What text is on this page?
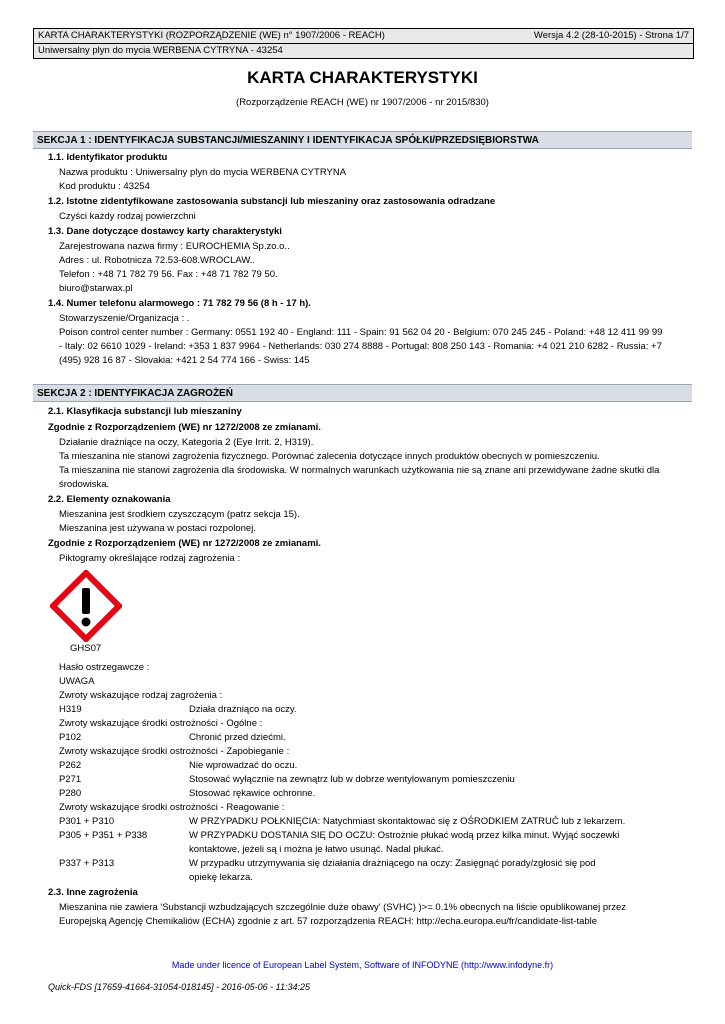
KARTA CHARAKTERYSTYKI (ROZPORZĄDZENIE (WE) n° 1907/2006 - REACH)	Wersja 4.2 (28-10-2015) - Strona 1/7
Uniwersalny plyn do mycia WERBENA CYTRYNA - 43254
KARTA CHARAKTERYSTYKI
(Rozporządzenie REACH (WE) nr 1907/2006 - nr 2015/830)
SEKCJA 1 : IDENTYFIKACJA SUBSTANCJI/MIESZANINY I IDENTYFIKACJA SPÓŁKI/PRZEDSIĘBIORSTWA
1.1. Identyfikator produktu
Nazwa produktu : Uniwersalny plyn do mycia WERBENA CYTRYNA
Kod produktu : 43254
1.2. Istotne zidentyfikowane zastosowania substancji lub mieszaniny oraz zastosowania odradzane
Czyści każdy rodzaj powierzchni
1.3. Dane dotyczące dostawcy karty charakterystyki
Zarejestrowana nazwa firmy : EUROCHEMIA Sp.zo.o..
Adres : ul. Robotnicza 72.53-608.WROCLAW..
Telefon : +48 71 782 79 56. Fax : +48 71 782 79 50.
biuro@starwax.pl
1.4. Numer telefonu alarmowego : 71 782 79 56 (8 h - 17 h).
Stowarzyszenie/Organizacja : .
Poison control center number : Germany: 0551 192 40 - England: 111 - Spain: 91 562 04 20 - Belgium: 070 245 245 - Poland: +48 12 411 99 99
- Italy: 02 6610 1029 - Ireland: +353 1 837 9964 - Netherlands: 030 274 8888 - Portugal: 808 250 143 - Romania: +4 021 210 6282 - Russia: +7
(495) 928 16 87 - Slovakia: +421 2 54 774 166 - Swiss: 145
SEKCJA 2 : IDENTYFIKACJA ZAGROŻEŃ
2.1. Klasyfikacja substancji lub mieszaniny
Zgodnie z Rozporządzeniem (WE) nr 1272/2008 ze zmianami.
Działanie drażniące na oczy, Kategoria 2 (Eye Irrit. 2, H319).
Ta mieszanina nie stanowi zagrożenia fizycznego. Porównać zalecenia dotyczące innych produktów obecnych w pomieszczeniu.
Ta mieszanina nie stanowi zagrożenia dla środowiska. W normalnych warunkach użytkowania nie są znane ani przewidywane żadne skutki dla
środowiska.
2.2. Elementy oznakowania
Mieszanina jest środkiem czyszczącym (patrz sekcja 15).
Mieszanina jest używana w postaci rozpolonej.
Zgodnie z Rozporządzeniem (WE) nr 1272/2008 ze zmianami.
Piktogramy określające rodzaj zagrożenia :
GHS07
Hasło ostrzegawcze :
UWAGA
Zwroty wskazujące rodzaj zagrożenia :
H319	Działa drażniąco na oczy.
Zwroty wskazujące środki ostrożności - Ogólne :
P102	Chronić przed dziećmi.
Zwroty wskazujące środki ostrożności - Zapobieganie :
P262	Nie wprowadzać do oczu.
P271	Stosować wyłącznie na zewnątrz lub w dobrze wentylowanym pomieszczeniu
P280	Stosować rękawice ochronne.
Zwroty wskazujące środki ostrożności - Reagowanie :
P301 + P310	W PRZYPADKU POŁKNIĘCIA: Natychmiast skontaktować się z OŚRODKIEM ZATRUĆ lub z lekarzem.
P305 + P351 + P338	W PRZYPADKU DOSTANIA SIĘ DO OCZU: Ostrożnie płukać wodą przez kilka minut. Wyjąć soczewki
kontaktowe, jeżeli są i można je łatwo usunąć. Nadal płukać.
P337 + P313	W przypadku utrzymywania się działania drażniącego na oczy: Zasięgnąć porady/zgłosić się pod
opiekę lekarza.
2.3. Inne zagrożenia
Mieszanina nie zawiera 'Substancji wzbudzających szczególnie duże obawy' (SVHC) )>= 0.1% obecnych na liście opublikowanej przez
Europejską Agencję Chemikaliów (ECHA) zgodnie z art. 57 rozporządzenia REACH: http://echa.europa.eu/fr/candidate-list-table
Made under licence of European Label System, Software of INFODYNE (http://www.infodyne.fr)
Quick-FDS [17659-41664-31054-018145] - 2016-05-06 - 11:34:25
